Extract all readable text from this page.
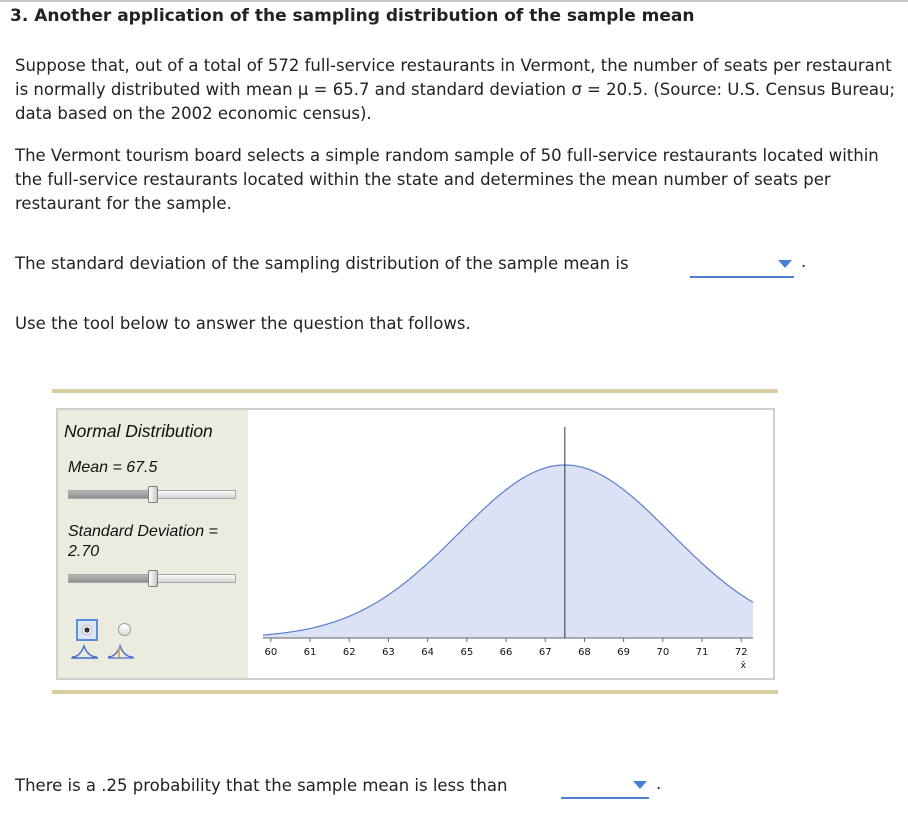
3. Another application of the sampling distribution of the sample mean
Suppose that, out of a total of 572 full-service restaurants in Vermont, the number of seats per restaurant is normally distributed with mean μ = 65.7 and standard deviation σ = 20.5. (Source: U.S. Census Bureau; data based on the 2002 economic census).
The Vermont tourism board selects a simple random sample of 50 full-service restaurants located within the full-service restaurants located within the state and determines the mean number of seats per restaurant for the sample.
The standard deviation of the sampling distribution of the sample mean is	.
Use the tool below to answer the question that follows.
Normal Distribution
Mean = 67.5
Standard Deviation = 2.70
60	61	62	63	64	65	66	67	68	69	70	71	72
x̄
There is a .25 probability that the sample mean is less than	.
